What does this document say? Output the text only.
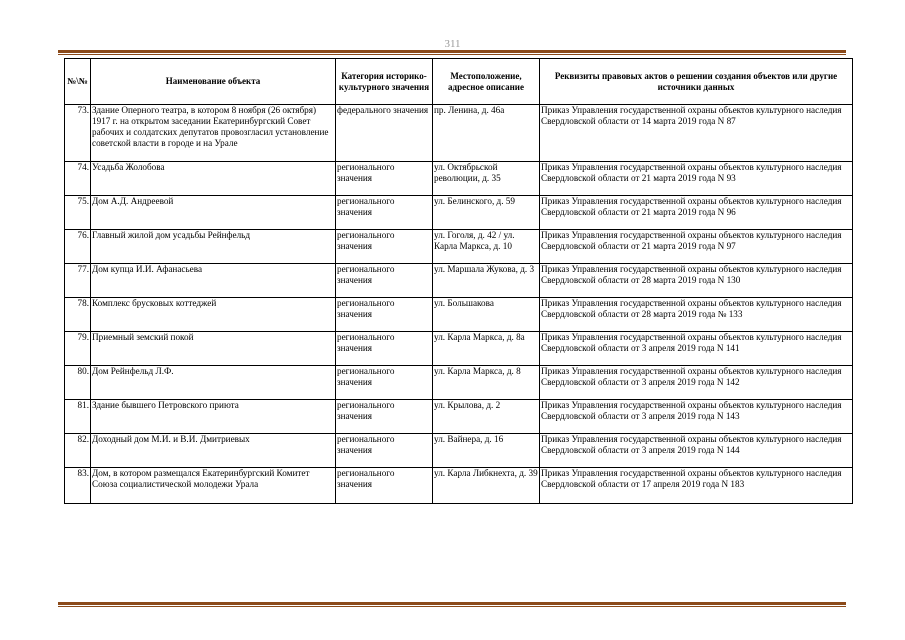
311
№\№	Наименование объекта	Категория историко-культурного значения	Местоположение, адресное описание	Реквизиты правовых актов о решении создания объектов или другие источники данных
73.	Здание Оперного театра, в котором 8 ноября (26 октября) 1917 г. на открытом заседании Екатеринбургский Совет рабочих и солдатских депутатов провозгласил установление советской власти в городе и на Урале	федерального значения	пр. Ленина, д. 46а	Приказ Управления государственной охраны объектов культурного наследия Свердловской области от 14 марта 2019 года N 87
74.	Усадьба Жолобова	регионального значения	ул. Октябрьской революции, д. 35	Приказ Управления государственной охраны объектов культурного наследия Свердловской области от 21 марта 2019 года N 93
75.	Дом А.Д. Андреевой	регионального значения	ул. Белинского, д. 59	Приказ Управления государственной охраны объектов культурного наследия Свердловской области от 21 марта 2019 года N 96
76.	Главный жилой дом усадьбы Рейнфельд	регионального значения	ул. Гоголя, д. 42 / ул. Карла Маркса, д. 10	Приказ Управления государственной охраны объектов культурного наследия Свердловской области от 21 марта 2019 года N 97
77.	Дом купца И.И. Афанасьева	регионального значения	ул. Маршала Жукова, д. 3	Приказ Управления государственной охраны объектов культурного наследия Свердловской области от 28 марта 2019 года N 130
78.	Комплекс брусковых коттеджей	регионального значения	ул. Большакова	Приказ Управления государственной охраны объектов культурного наследия Свердловской области от 28 марта 2019 года № 133
79.	Приемный земский покой	регионального значения	ул. Карла Маркса, д. 8а	Приказ Управления государственной охраны объектов культурного наследия Свердловской области от 3 апреля 2019 года N 141
80.	Дом Рейнфельд Л.Ф.	регионального значения	ул. Карла Маркса, д. 8	Приказ Управления государственной охраны объектов культурного наследия Свердловской области от 3 апреля 2019 года N 142
81.	Здание бывшего Петровского приюта	регионального значения	ул. Крылова, д. 2	Приказ Управления государственной охраны объектов культурного наследия Свердловской области от 3 апреля 2019 года N 143
82.	Доходный дом М.И. и В.И. Дмитриевых	регионального значения	ул. Вайнера, д. 16	Приказ Управления государственной охраны объектов культурного наследия Свердловской области от 3 апреля 2019 года N 144
83.	Дом, в котором размещался Екатеринбургский Комитет Союза социалистической молодежи Урала	регионального значения	ул. Карла Либкнехта, д. 39	Приказ Управления государственной охраны объектов культурного наследия Свердловской области от 17 апреля 2019 года N 183
